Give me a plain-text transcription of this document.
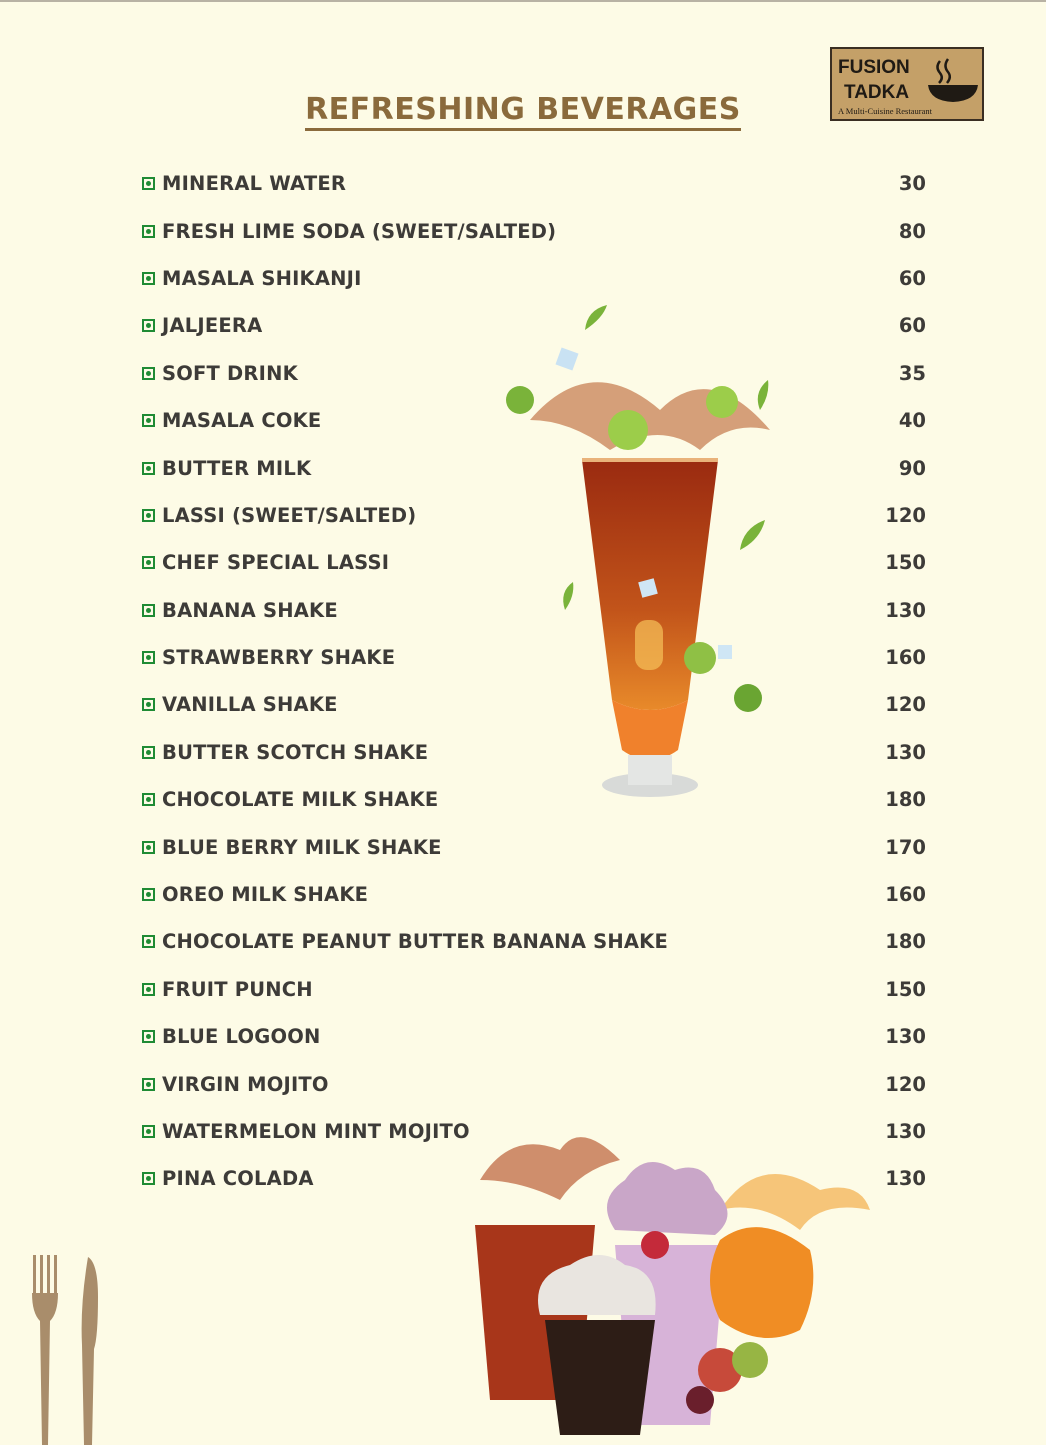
FUSION
TADKA
A Multi-Cuisine Restaurant
REFRESHING BEVERAGES
MINERAL WATER	30
FRESH LIME SODA (SWEET/SALTED)	80
MASALA SHIKANJI	60
JALJEERA	60
SOFT DRINK	35
MASALA COKE	40
BUTTER MILK	90
LASSI (SWEET/SALTED)	120
CHEF SPECIAL LASSI	150
BANANA SHAKE	130
STRAWBERRY SHAKE	160
VANILLA SHAKE	120
BUTTER SCOTCH SHAKE	130
CHOCOLATE MILK SHAKE	180
BLUE BERRY MILK SHAKE	170
OREO MILK SHAKE	160
CHOCOLATE PEANUT BUTTER BANANA SHAKE	180
FRUIT PUNCH	150
BLUE LOGOON	130
VIRGIN MOJITO	120
WATERMELON MINT MOJITO	130
PINA COLADA	130
